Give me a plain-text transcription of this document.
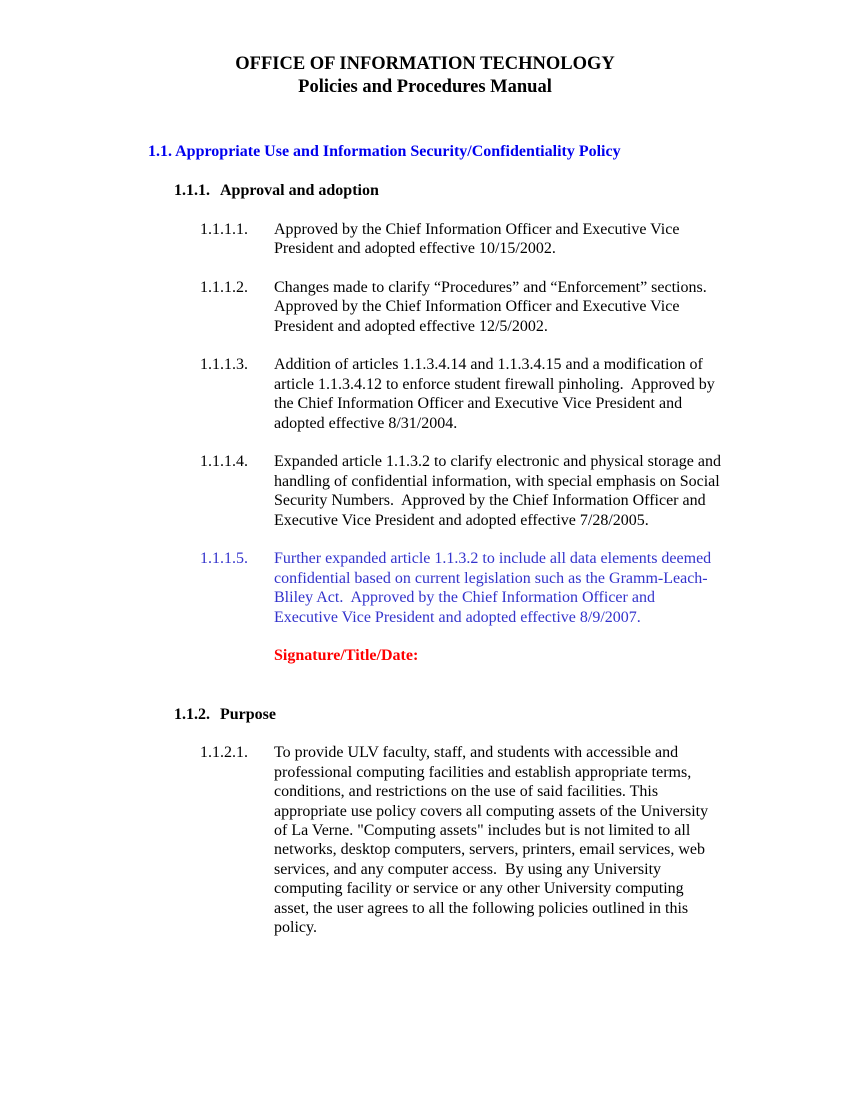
OFFICE OF INFORMATION TECHNOLOGY
Policies and Procedures Manual
1.1. Appropriate Use and Information Security/Confidentiality Policy
1.1.1. Approval and adoption
1.1.1.1.	Approved by the Chief Information Officer and Executive Vice President and adopted effective 10/15/2002.
1.1.1.2.	Changes made to clarify “Procedures” and “Enforcement” sections.  Approved by the Chief Information Officer and Executive Vice President and adopted effective 12/5/2002.
1.1.1.3.	Addition of articles 1.1.3.4.14 and 1.1.3.4.15 and a modification of article 1.1.3.4.12 to enforce student firewall pinholing.  Approved by the Chief Information Officer and Executive Vice President and adopted effective 8/31/2004.
1.1.1.4.	Expanded article 1.1.3.2 to clarify electronic and physical storage and handling of confidential information, with special emphasis on Social Security Numbers.  Approved by the Chief Information Officer and Executive Vice President and adopted effective 7/28/2005.
1.1.1.5.	Further expanded article 1.1.3.2 to include all data elements deemed confidential based on current legislation such as the Gramm-Leach-Bliley Act.  Approved by the Chief Information Officer and Executive Vice President and adopted effective 8/9/2007.
Signature/Title/Date:
1.1.2. Purpose
1.1.2.1.	To provide ULV faculty, staff, and students with accessible and professional computing facilities and establish appropriate terms, conditions, and restrictions on the use of said facilities. This appropriate use policy covers all computing assets of the University of La Verne. "Computing assets" includes but is not limited to all networks, desktop computers, servers, printers, email services, web services, and any computer access.  By using any University computing facility or service or any other University computing asset, the user agrees to all the following policies outlined in this policy.
